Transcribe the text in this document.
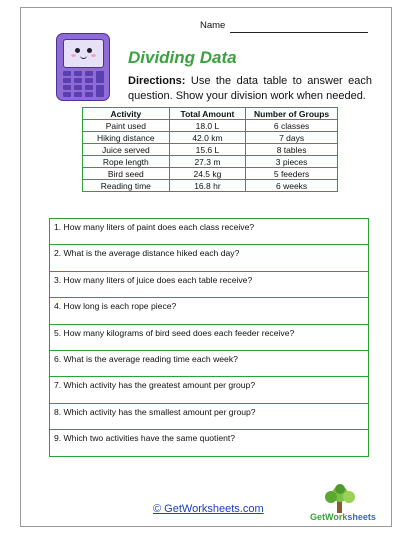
Name
Dividing Data
Directions: Use the data table to answer each question. Show your division work when needed.
Activity	Total Amount	Number of Groups
Paint used	18.0 L	6 classes
Hiking distance	42.0 km	7 days
Juice served	15.6 L	8 tables
Rope length	27.3 m	3 pieces
Bird seed	24.5 kg	5 feeders
Reading time	16.8 hr	6 weeks
1. How many liters of paint does each class receive?
2. What is the average distance hiked each day?
3. How many liters of juice does each table receive?
4. How long is each rope piece?
5. How many kilograms of bird seed does each feeder receive?
6. What is the average reading time each week?
7. Which activity has the greatest amount per group?
8. Which activity has the smallest amount per group?
9. Which two activities have the same quotient?
© GetWorksheets.com
GetWorksheets
